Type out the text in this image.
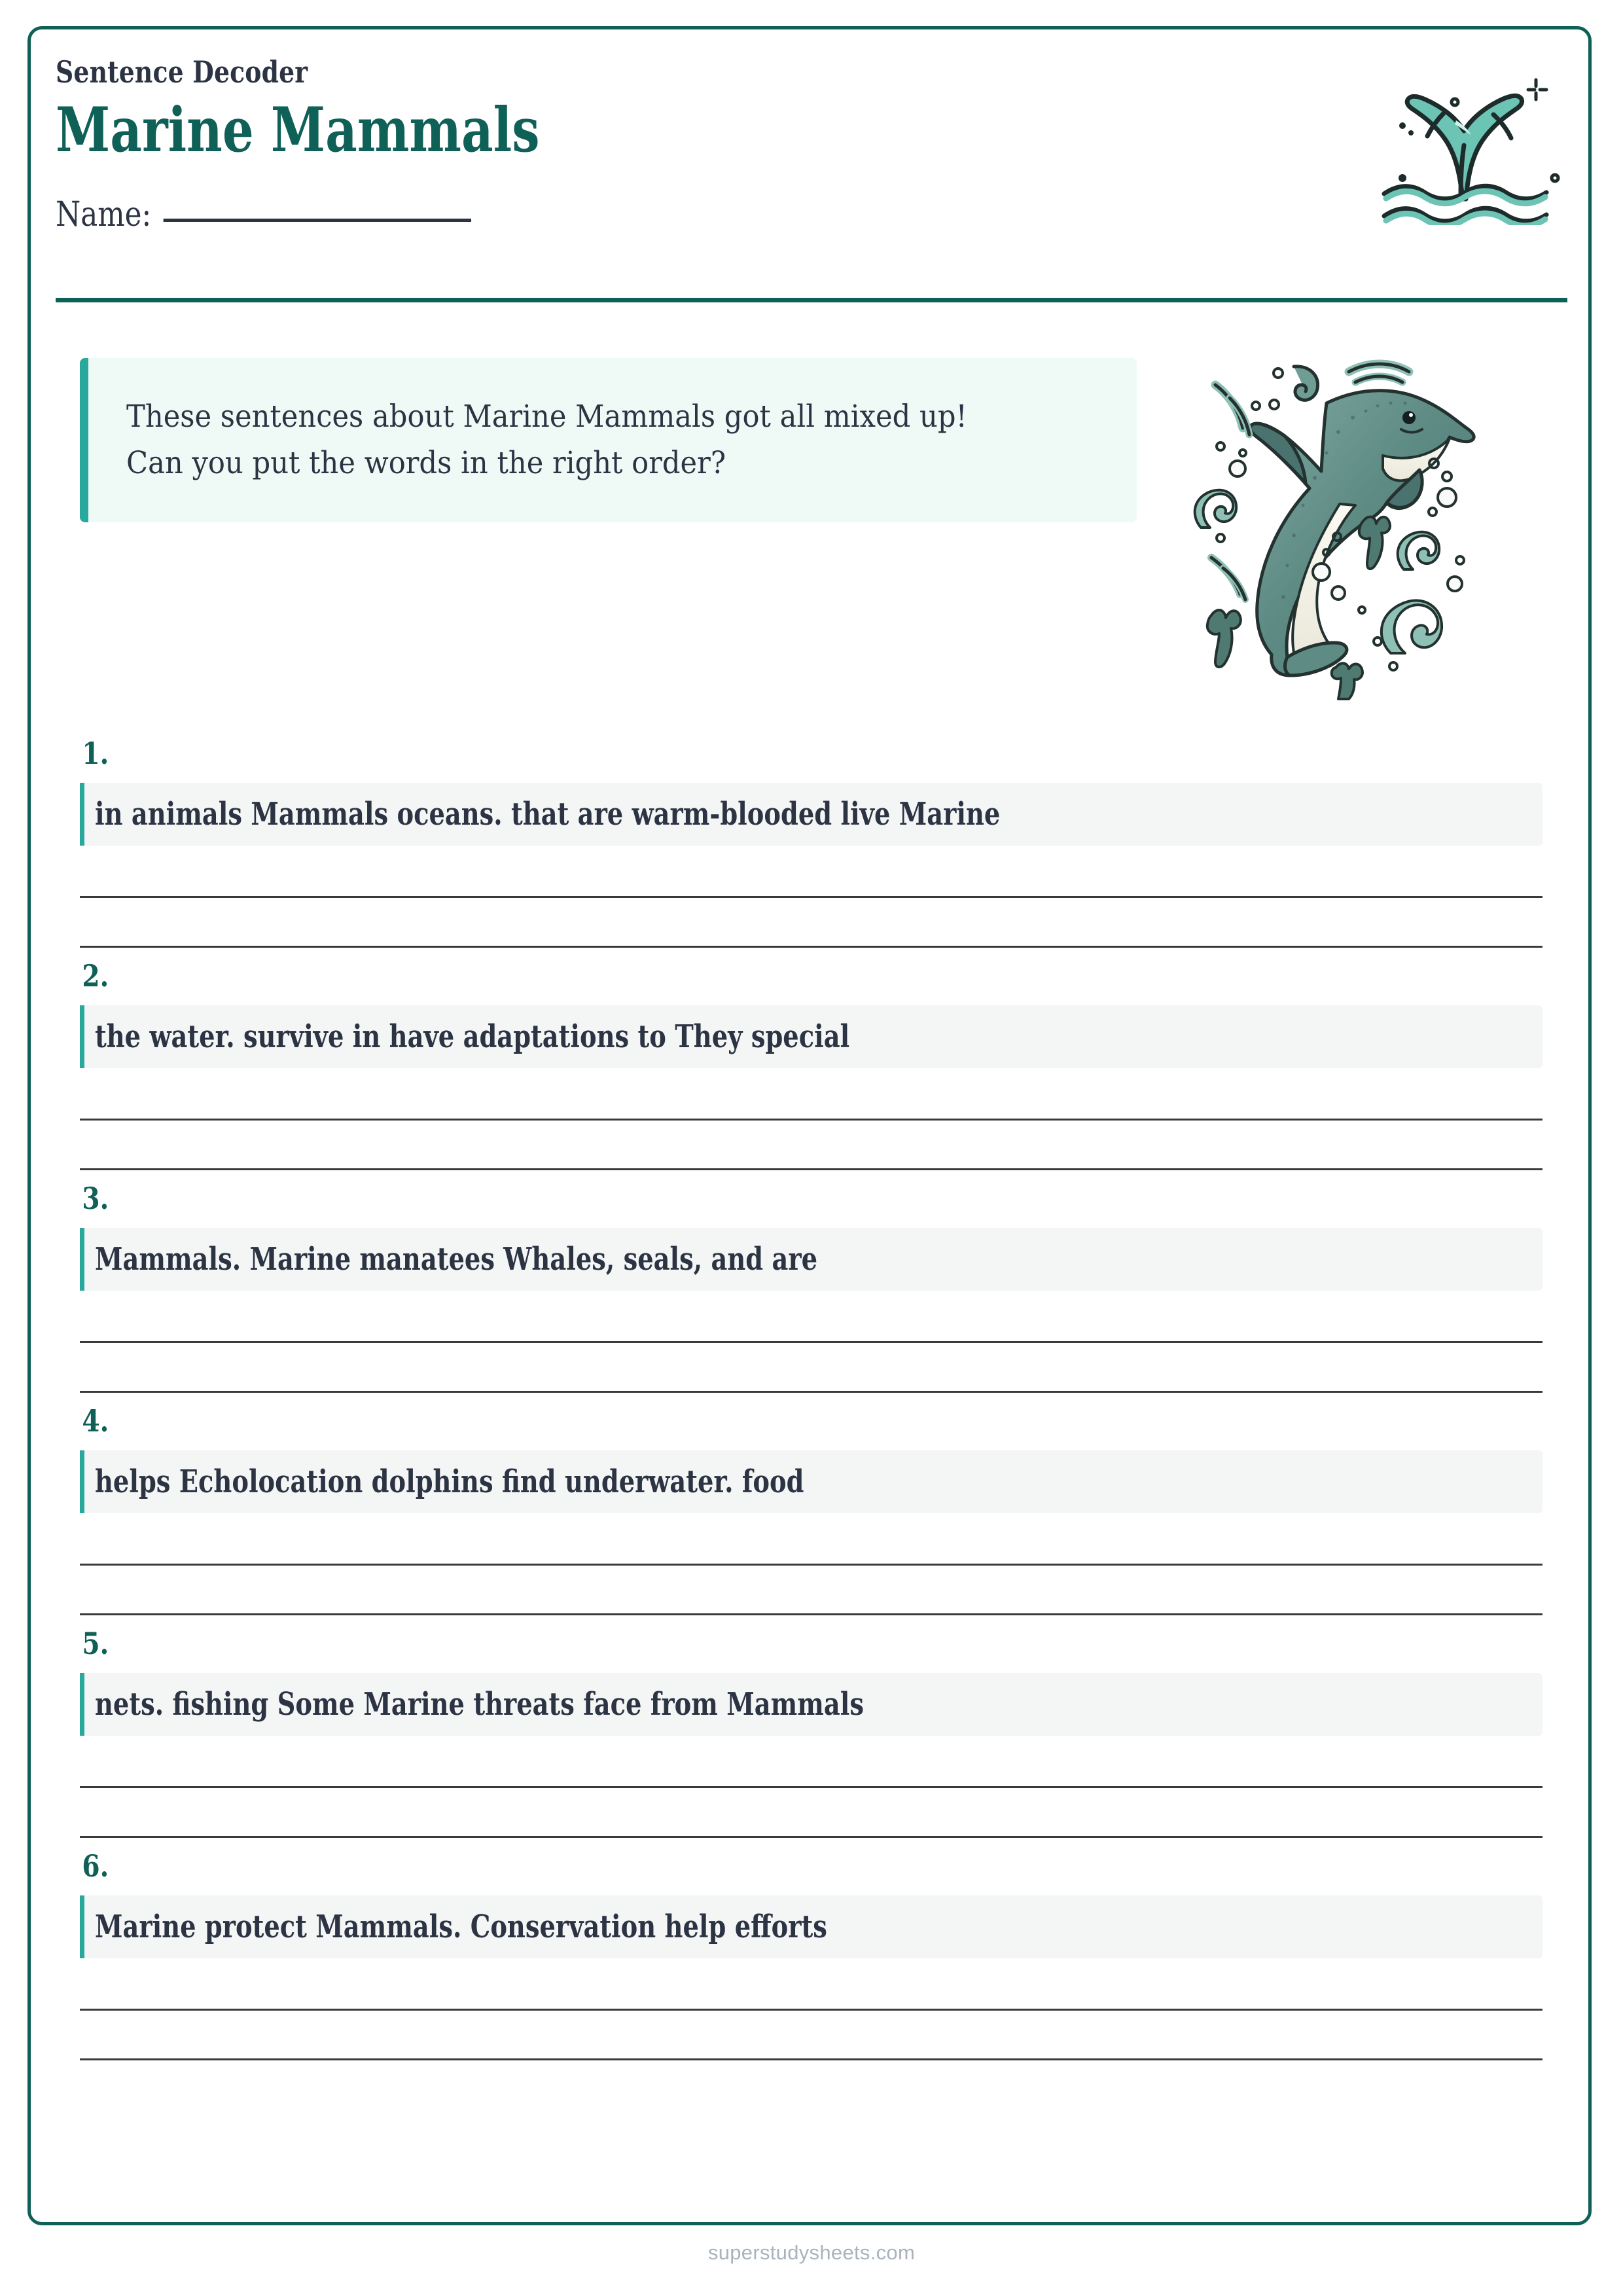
Sentence Decoder
Marine Mammals
Name:
These sentences about Marine Mammals got all mixed up!
Can you put the words in the right order?
1.
in animals Mammals oceans. that are warm-blooded live Marine
2.
the water. survive in have adaptations to They special
3.
Mammals. Marine manatees Whales, seals, and are
4.
helps Echolocation dolphins find underwater. food
5.
nets. fishing Some Marine threats face from Mammals
6.
Marine protect Mammals. Conservation help efforts
superstudysheets.com
